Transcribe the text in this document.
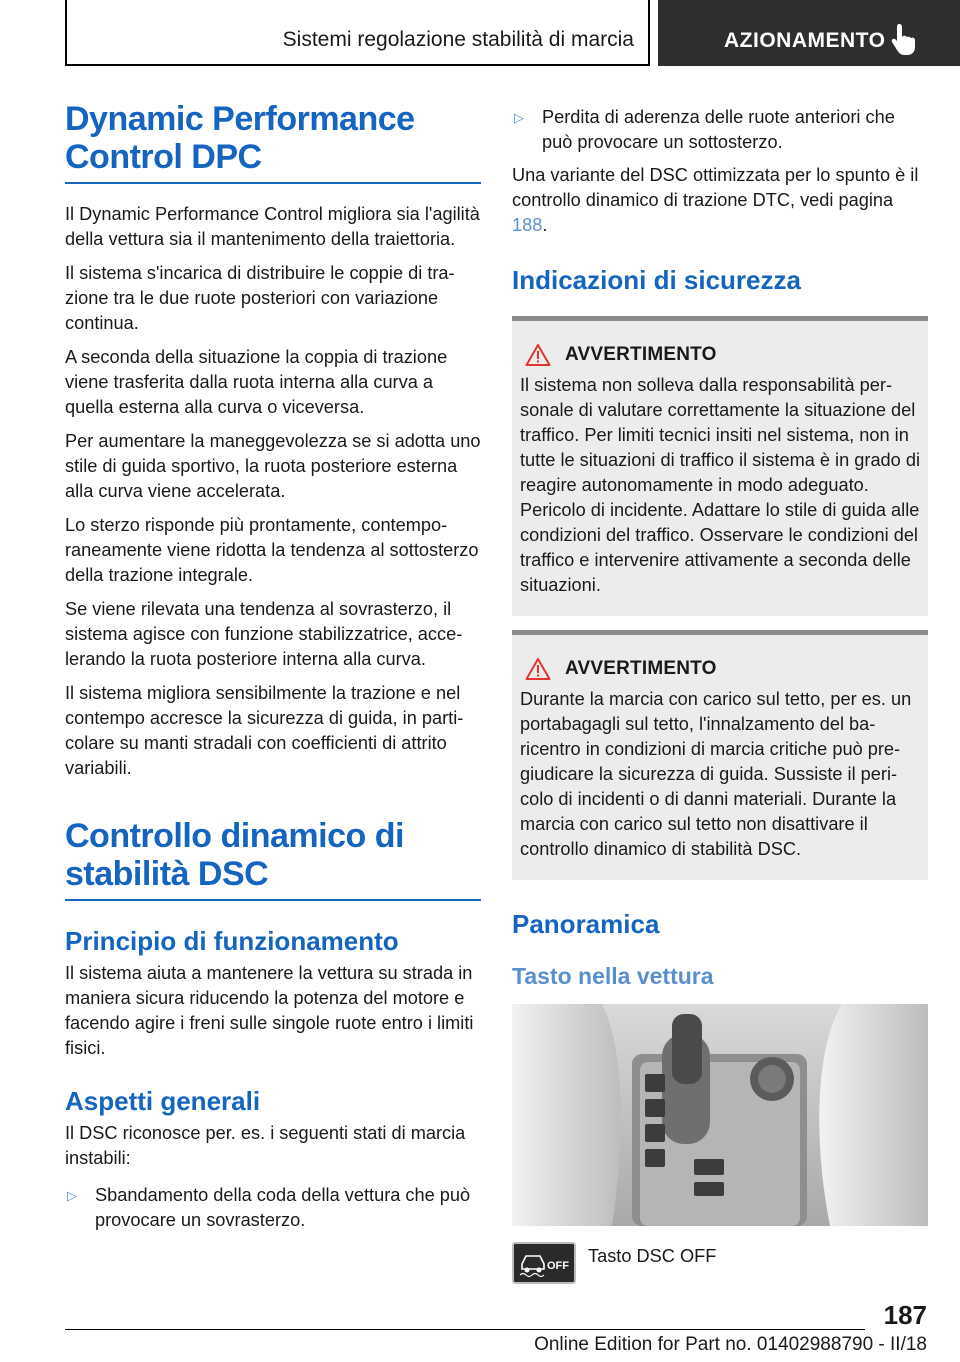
Sistemi regolazione stabilità di marcia	AZIONAMENTO
Dynamic Performance Control DPC

Il Dynamic Performance Control migliora sia l'agilità della vettura sia il mantenimento della traiettoria.

Il sistema s'incarica di distribuire le coppie di trazione tra le due ruote posteriori con variazione continua.

A seconda della situazione la coppia di trazione viene trasferita dalla ruota interna alla curva a quella esterna alla curva o viceversa.

Per aumentare la maneggevolezza se si adotta uno stile di guida sportivo, la ruota posteriore esterna alla curva viene accelerata.

Lo sterzo risponde più prontamente, contemporaneamente viene ridotta la tendenza al sottosterzo della trazione integrale.

Se viene rilevata una tendenza al sovrasterzo, il sistema agisce con funzione stabilizzatrice, accelerando la ruota posteriore interna alla curva.

Il sistema migliora sensibilmente la trazione e nel contempo accresce la sicurezza di guida, in particolare su manti stradali con coefficienti di attrito variabili.

Controllo dinamico di stabilità DSC
Principio di funzionamento

Il sistema aiuta a mantenere la vettura su strada in maniera sicura riducendo la potenza del motore e facendo agire i freni sulle singole ruote entro i limiti fisici.

Aspetti generali

Il DSC riconosce per. es. i seguenti stati di marcia instabili:

▷ Sbandamento della coda della vettura che può provocare un sovrasterzo.
▷ Perdita di aderenza delle ruote anteriori che può provocare un sottosterzo.

Una variante del DSC ottimizzata per lo spunto è il controllo dinamico di trazione DTC, vedi pagina 188.

Indicazioni di sicurezza
AVVERTIMENTO

Il sistema non solleva dalla responsabilità personale di valutare correttamente la situazione del traffico. Per limiti tecnici insiti nel sistema, non in tutte le situazioni di traffico il sistema è in grado di reagire autonomamente in modo adeguato. Pericolo di incidente. Adattare lo stile di guida alle condizioni del traffico. Osservare le condizioni del traffico e intervenire attivamente a seconda delle situazioni.

AVVERTIMENTO

Durante la marcia con carico sul tetto, per es. un portabagagli sul tetto, l'innalzamento del baricentro in condizioni di marcia critiche può pregiudicare la sicurezza di guida. Sussiste il pericolo di incidenti o di danni materiali. Durante la marcia con carico sul tetto non disattivare il controllo dinamico di stabilità DSC.

Panoramica
Tasto nella vettura
OFF
Tasto DSC OFF
187
Online Edition for Part no. 01402988790 - II/18
